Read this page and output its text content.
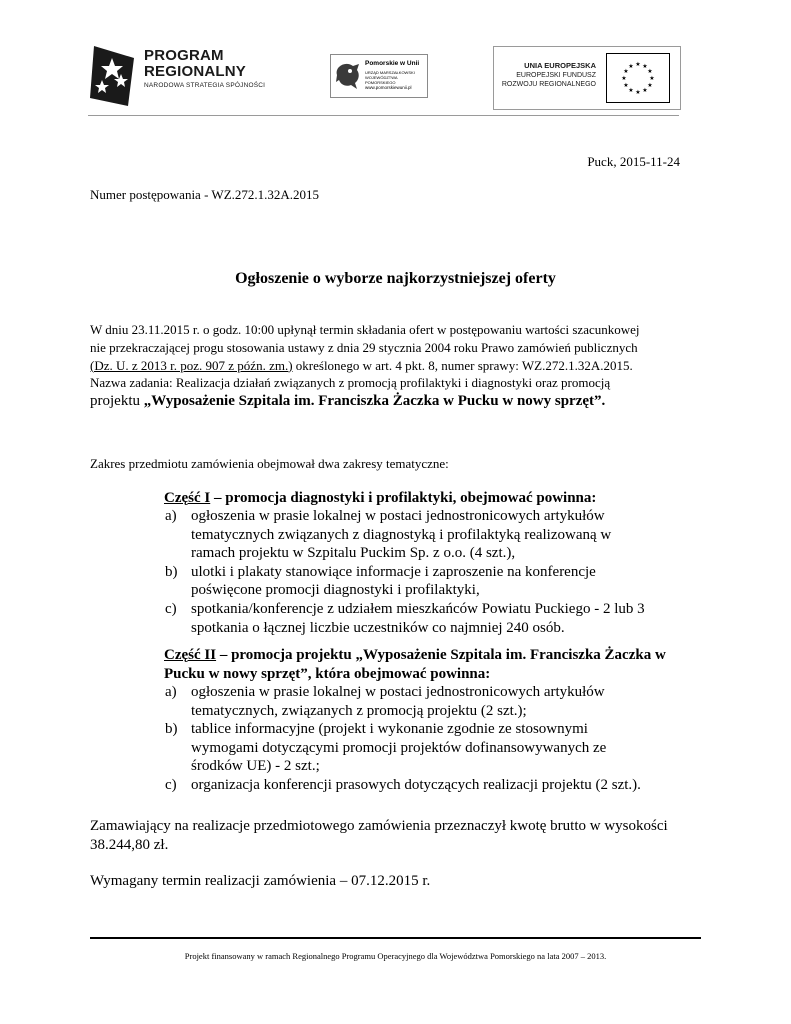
PROGRAM
REGIONALNY
NARODOWA STRATEGIA SPÓJNOŚCI
Pomorskie w Unii
URZĄD MARSZAŁKOWSKI WOJEWÓDZTWA POMORSKIEGO
www.pomorskiewunii.pl
UNIA EUROPEJSKA
EUROPEJSKI FUNDUSZ
ROZWOJU REGIONALNEGO
★ ★
★
★
★
★
★
★
★
★
★
★
Puck, 2015-11-24
Numer postępowania - WZ.272.1.32A.2015
Ogłoszenie o wyborze najkorzystniejszej oferty
W dniu 23.11.2015 r. o godz. 10:00 upłynął termin składania ofert w postępowaniu wartości szacunkowej
nie przekraczającej progu stosowania ustawy z dnia 29 stycznia 2004 roku Prawo zamówień publicznych
(Dz. U. z 2013 r. poz. 907 z późn. zm.) określonego w art. 4 pkt. 8, numer sprawy: WZ.272.1.32A.2015.
Nazwa zadania: Realizacja działań związanych z promocją profilaktyki i diagnostyki oraz promocją
projektu „Wyposażenie Szpitala im. Franciszka Żaczka w Pucku w nowy sprzęt”.
Zakres przedmiotu zamówienia obejmował dwa zakresy tematyczne:
Część I – promocja diagnostyki i profilaktyki, obejmować powinna:
a) ogłoszenia w prasie lokalnej w postaci jednostronicowych artykułów
tematycznych związanych z diagnostyką i profilaktyką realizowaną w
ramach projektu w Szpitalu Puckim Sp. z o.o. (4 szt.),
b) ulotki i plakaty stanowiące informacje i zaproszenie na konferencje
poświęcone promocji diagnostyki i profilaktyki,
c) spotkania/konferencje z udziałem mieszkańców Powiatu Puckiego - 2 lub 3
spotkania o łącznej liczbie uczestników co najmniej 240 osób.
Część II – promocja projektu „Wyposażenie Szpitala im. Franciszka Żaczka w
Pucku w nowy sprzęt”, która obejmować powinna:
a) ogłoszenia w prasie lokalnej w postaci jednostronicowych artykułów
tematycznych, związanych z promocją projektu (2 szt.);
b) tablice informacyjne (projekt i wykonanie zgodnie ze stosownymi
wymogami dotyczącymi promocji projektów dofinansowywanych ze
środków UE) - 2 szt.;
c) organizacja konferencji prasowych dotyczących realizacji projektu (2 szt.).
Zamawiający na realizacje przedmiotowego zamówienia przeznaczył kwotę brutto w wysokości
38.244,80 zł.
Wymagany termin realizacji zamówienia – 07.12.2015 r.
Projekt finansowany w ramach Regionalnego Programu Operacyjnego dla Województwa Pomorskiego na lata 2007 – 2013.
